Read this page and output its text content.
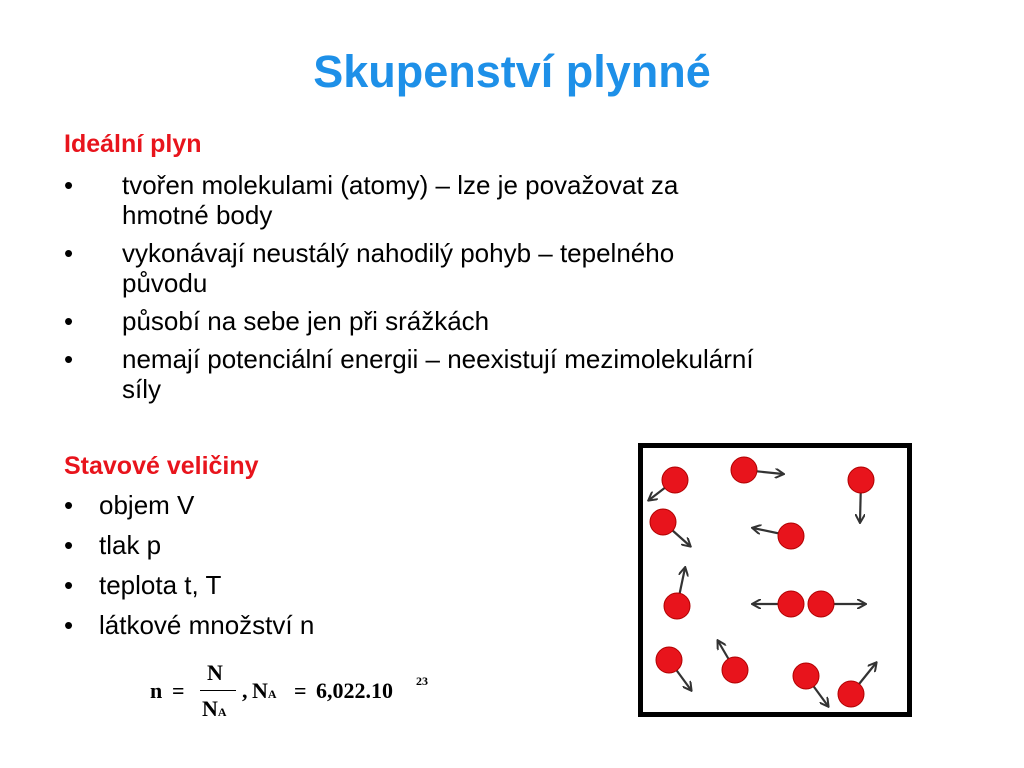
Skupenství plynné
Ideální plyn
• tvořen molekulami (atomy) – lze je považovat za
hmotné body
• vykonávají neustálý nahodilý pohyb – tepelného
původu
• působí na sebe jen při srážkách
• nemají potenciální energii – neexistují mezimolekulární
síly
Stavové veličiny
• objem V
• tlak p
• teplota t, T
• látkové množství n
n =
N
NA
, NA = 6,022.10 23
